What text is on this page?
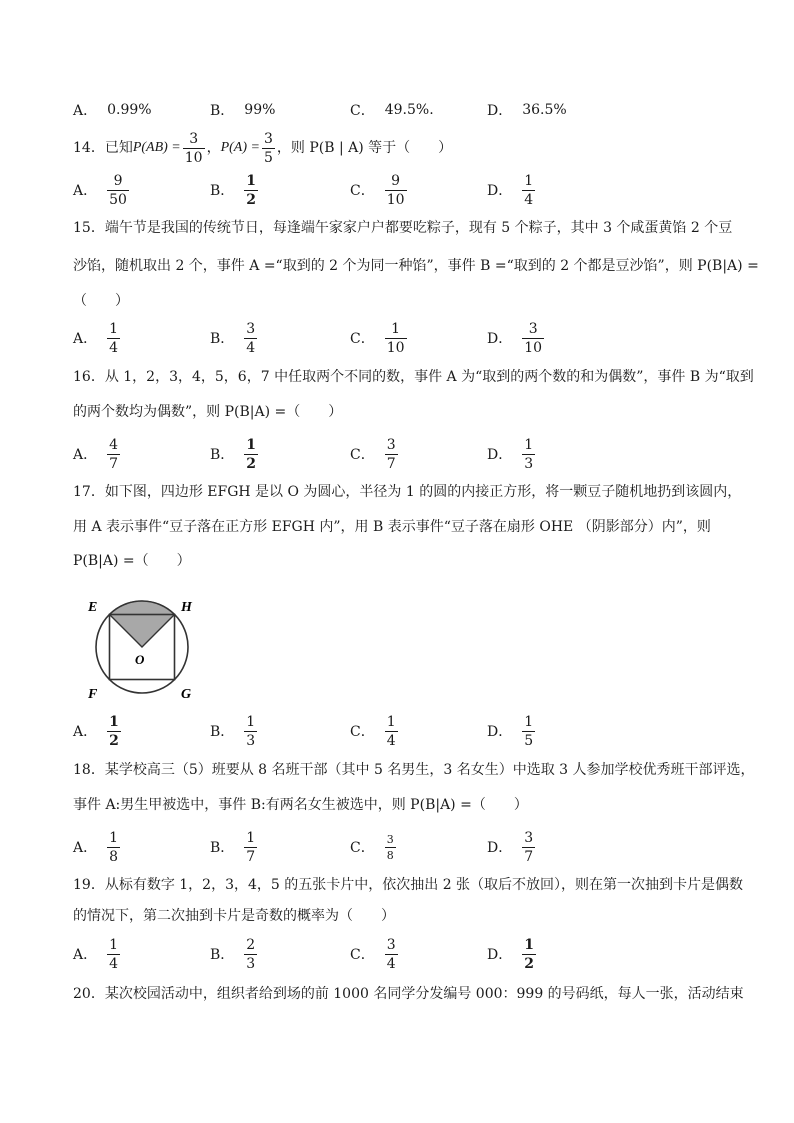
A． 0.99%	B． 99%	C． 49.5%.	D． 36.5%
14．已知 $P(AB) = \frac{3}{10}$ ， $P(A) = \frac{3}{5}$ ，则 P(B | A) 等于（　　）
A． $\frac{9}{50}$	B． $\frac{1}{2}$	C． $\frac{9}{10}$	D． $\frac{1}{4}$
15．端午节是我国的传统节日，每逢端午家家户户都要吃粽子，现有 5 个粽子，其中 3 个咸蛋黄馅 2 个豆
沙馅，随机取出 2 个，事件 A =“取到的 2 个为同一种馅”，事件 B =“取到的 2 个都是豆沙馅”，则 P(B|A) =
（　　）
A． $\frac{1}{4}$	B． $\frac{3}{4}$	C． $\frac{1}{10}$	D． $\frac{3}{10}$
16．从 1，2，3，4，5，6，7 中任取两个不同的数，事件 A 为“取到的两个数的和为偶数”，事件 B 为“取到
的两个数均为偶数”，则 P(B|A) =（　　）
A． $\frac{4}{7}$	B． $\frac{1}{2}$	C． $\frac{3}{7}$	D． $\frac{1}{3}$
17．如下图，四边形 EFGH 是以 O 为圆心，半径为 1 的圆的内接正方形，将一颗豆子随机地扔到该圆内，
用 A 表示事件“豆子落在正方形 EFGH 内”，用 B 表示事件“豆子落在扇形 OHE （阴影部分）内”，则
P(B|A) =（　　）
E	H
O
F	G
A． $\frac{1}{2}$	B． $\frac{1}{3}$	C． $\frac{1}{4}$	D． $\frac{1}{5}$
18．某学校高三（5）班要从 8 名班干部（其中 5 名男生，3 名女生）中选取 3 人参加学校优秀班干部评选，
事件 A:男生甲被选中，事件 B:有两名女生被选中，则 P(B|A) =（　　）
A． $\frac{1}{8}$	B． $\frac{1}{7}$	C． $\frac{3}{8}$	D． $\frac{3}{7}$
19．从标有数字 1，2，3，4，5 的五张卡片中，依次抽出 2 张（取后不放回），则在第一次抽到卡片是偶数
的情况下，第二次抽到卡片是奇数的概率为（　　）
A． $\frac{1}{4}$	B． $\frac{2}{3}$	C． $\frac{3}{4}$	D． $\frac{1}{2}$
20．某次校园活动中，组织者给到场的前 1000 名同学分发编号 000：999 的号码纸，每人一张，活动结束
